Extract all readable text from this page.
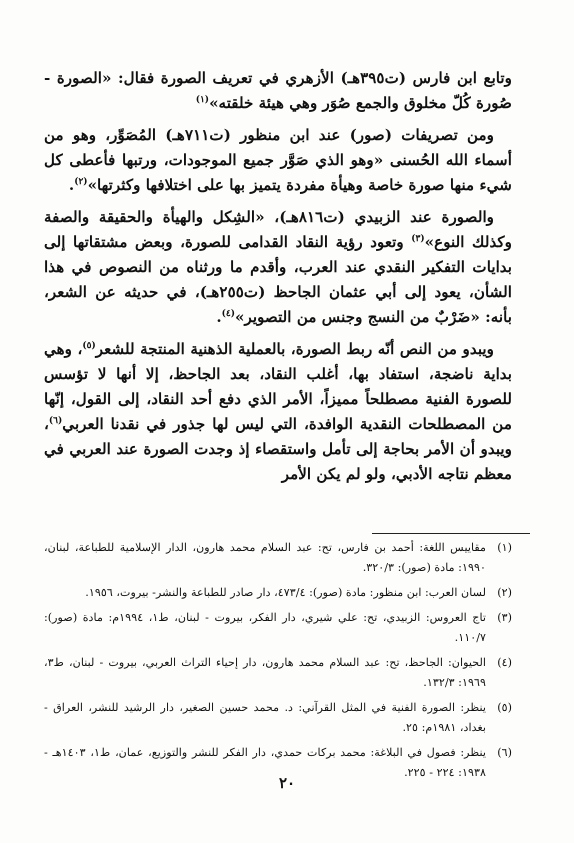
وتابع ابن فارس (ت٣٩٥هـ) الأزهري في تعريف الصورة فقال: «الصورة - صُورة كُلّ مخلوق والجمع صُوَر وهي هيئة خلقته»$^{(١)}$

ومن تصريفات (صور) عند ابن منظور (ت٧١١هـ) المُصَوِّر، وهو من أسماء الله الحُسنى «وهو الذي صَوَّر جميع الموجودات، ورتبها فأعطى كل شيء منها صورة خاصة وهيأة مفردة يتميز بها على اختلافها وكثرتها»$^{(٢)}$.

والصورة عند الزبيدي (ت٨١٦هـ)، «الشِكل والهيأة والحقيقة والصفة وكذلك النوع»$^{(٣)}$ وتعود رؤية النقاد القدامى للصورة، وبعض مشتقاتها إلى بدايات التفكير النقدي عند العرب، وأقدم ما ورثناه من النصوص في هذا الشأن، يعود إلى أبي عثمان الجاحظ (ت٢٥٥هـ)، في حديثه عن الشعر، بأنه: «ضَرْبٌ من النسج وجنس من التصوير»$^{(٤)}$.

ويبدو من النص أنّه ربط الصورة، بالعملية الذهنية المنتجة للشعر$^{(٥)}$، وهي بداية ناضجة، استفاد بها، أغلب النقاد، بعد الجاحظ، إلا أنها لا تؤسس للصورة الفنية مصطلحاً مميزاً، الأمر الذي دفع أحد النقاد، إلى القول، إنّها من المصطلحات النقدية الوافدة، التي ليس لها جذور في نقدنا العربي$^{(٦)}$، ويبدو أن الأمر بحاجة إلى تأمل واستقصاء إذ وجدت الصورة عند العربي في معظم نتاجه الأدبي، ولو لم يكن الأمر

(١)
مقاييس اللغة: أحمد بن فارس، تح: عبد السلام محمد هارون، الدار الإسلامية للطباعة، لبنان، ١٩٩٠: مادة (صور): ٣٢٠/٣.
(٢)
لسان العرب: ابن منظور: مادة (صور): ٤٧٣/٤، دار صادر للطباعة والنشر- بيروت، ١٩٥٦.
(٣)
تاج العروس: الزبيدي، تح: علي شيري، دار الفكر، بيروت - لبنان، ط١، ١٩٩٤م: مادة (صور): ١١٠/٧.
(٤)
الحيوان: الجاحظ، تح: عبد السلام محمد هارون، دار إحياء التراث العربي، بيروت - لبنان، ط٣، ١٩٦٩: ١٣٢/٣.
(٥)
ينظر: الصورة الفنية في المثل القرآني: د. محمد حسين الصغير، دار الرشيد للنشر، العراق - بغداد، ١٩٨١م: ٢٥.
(٦)
ينظر: فصول في البلاغة: محمد بركات حمدي، دار الفكر للنشر والتوزيع، عمان، ط١، ١٤٠٣هـ - ١٩٣٨: ٢٢٤ - ٢٢٥.
٢٠
